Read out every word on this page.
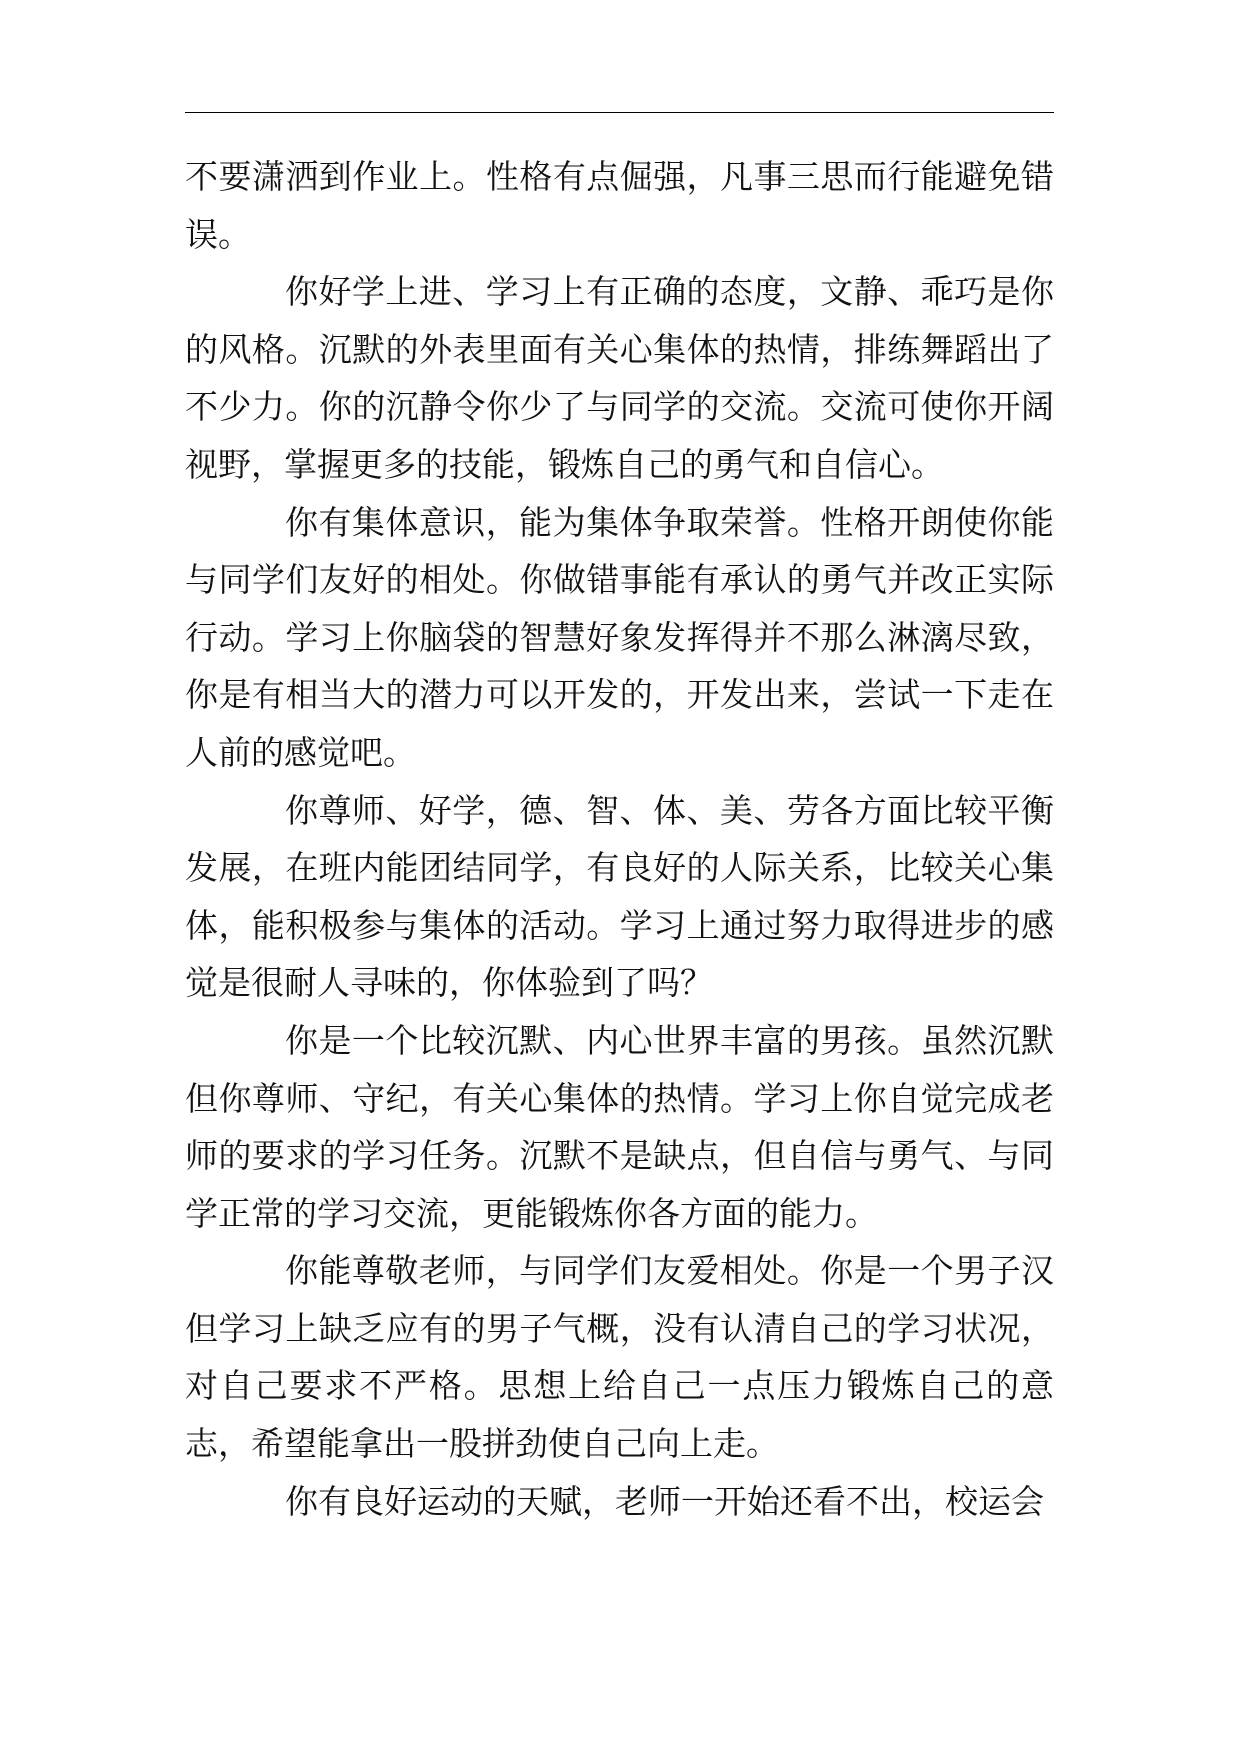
不要潇洒到作业上。性格有点倔强，凡事三思而行能避免错误。

你好学上进、学习上有正确的态度，文静、乖巧是你的风格。沉默的外表里面有关心集体的热情，排练舞蹈出了不少力。你的沉静令你少了与同学的交流。交流可使你开阔视野，掌握更多的技能，锻炼自己的勇气和自信心。

你有集体意识，能为集体争取荣誉。性格开朗使你能与同学们友好的相处。你做错事能有承认的勇气并改正实际行动。学习上你脑袋的智慧好象发挥得并不那么淋漓尽致，你是有相当大的潜力可以开发的，开发出来，尝试一下走在人前的感觉吧。

你尊师、好学，德、智、体、美、劳各方面比较平衡发展，在班内能团结同学，有良好的人际关系，比较关心集体，能积极参与集体的活动。学习上通过努力取得进步的感觉是很耐人寻味的，你体验到了吗？

你是一个比较沉默、内心世界丰富的男孩。虽然沉默但你尊师、守纪，有关心集体的热情。学习上你自觉完成老师的要求的学习任务。沉默不是缺点，但自信与勇气、与同学正常的学习交流，更能锻炼你各方面的能力。

你能尊敬老师，与同学们友爱相处。你是一个男子汉但学习上缺乏应有的男子气概，没有认清自己的学习状况，对自己要求不严格。思想上给自己一点压力锻炼自己的意志，希望能拿出一股拼劲使自己向上走。

你有良好运动的天赋，老师一开始还看不出，校运会
